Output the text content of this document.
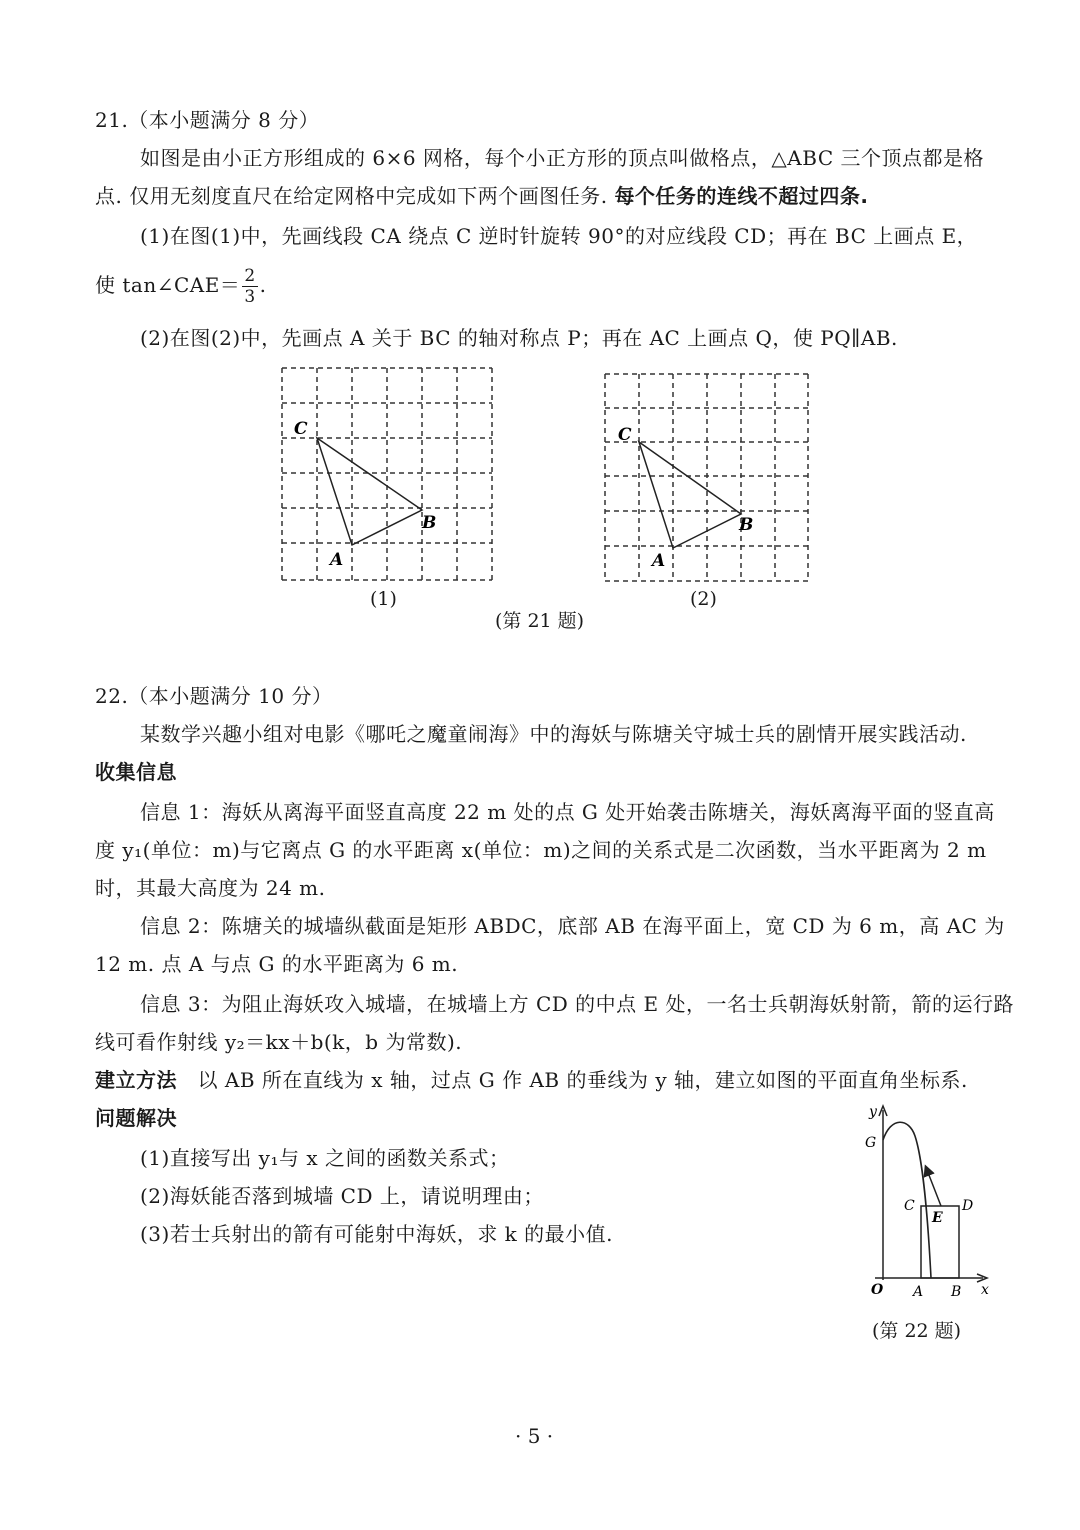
21.（本小题满分 8 分）
如图是由小正方形组成的 6×6 网格，每个小正方形的顶点叫做格点，△ABC 三个顶点都是格
点. 仅用无刻度直尺在给定网格中完成如下两个画图任务. 每个任务的连线不超过四条.
(1)在图(1)中，先画线段 CA 绕点 C 逆时针旋转 90°的对应线段 CD；再在 BC 上画点 E，
使 tan∠CAE＝ $\frac{2}{3}$ .
(2)在图(2)中，先画点 A 关于 BC 的轴对称点 P；再在 AC 上画点 Q，使 PQ∥AB.
C
B
A
(1)
C
B
A
(2)
(第 21 题)
22.（本小题满分 10 分）
某数学兴趣小组对电影《哪吒之魔童闹海》中的海妖与陈塘关守城士兵的剧情开展实践活动.
收集信息
信息 1：海妖从离海平面竖直高度 22 m 处的点 G 处开始袭击陈塘关，海妖离海平面的竖直高
度 y₁(单位：m)与它离点 G 的水平距离 x(单位：m)之间的关系式是二次函数，当水平距离为 2 m
时，其最大高度为 24 m.
信息 2：陈塘关的城墙纵截面是矩形 ABDC，底部 AB 在海平面上，宽 CD 为 6 m，高 AC 为
12 m. 点 A 与点 G 的水平距离为 6 m.
信息 3：为阻止海妖攻入城墙，在城墙上方 CD 的中点 E 处，一名士兵朝海妖射箭，箭的运行路
线可看作射线 y₂＝kx＋b(k，b 为常数).
建立方法 以 AB 所在直线为 x 轴，过点 G 作 AB 的垂线为 y 轴，建立如图的平面直角坐标系.
问题解决
(1)直接写出 y₁与 x 之间的函数关系式；
(2)海妖能否落到城墙 CD 上，请说明理由；
(3)若士兵射出的箭有可能射中海妖，求 k 的最小值.
y
G
C	D
E
O A B x
(第 22 题)
· 5 ·
